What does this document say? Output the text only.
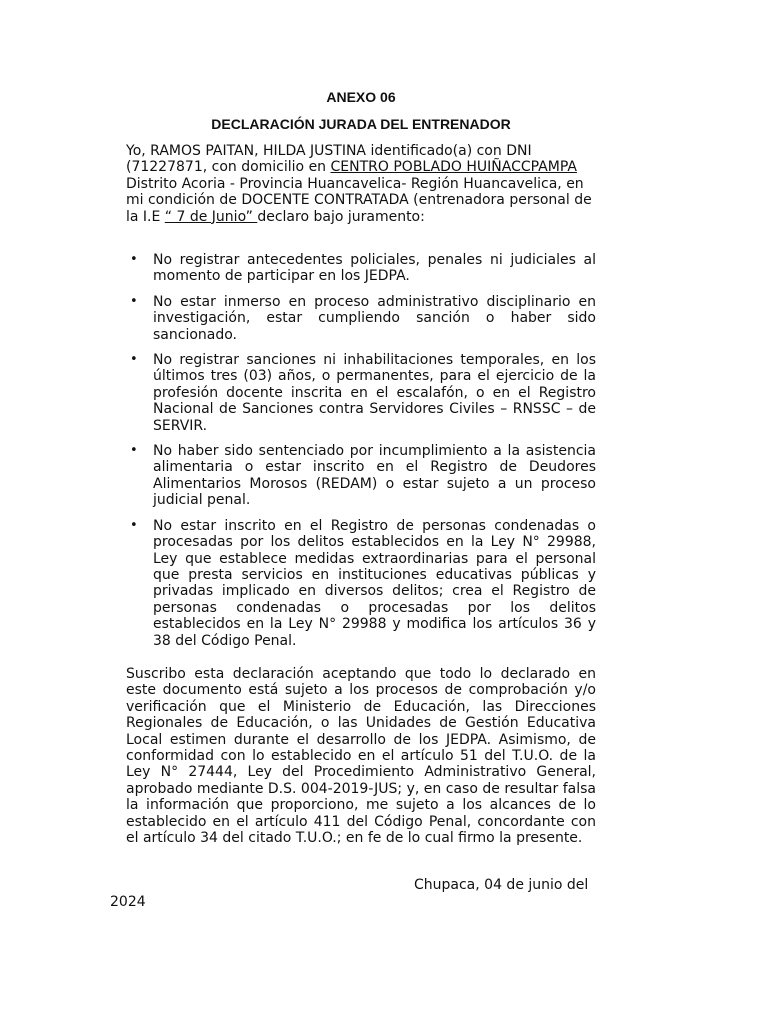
ANEXO 06
DECLARACIÓN JURADA DEL ENTRENADOR

Yo, RAMOS PAITAN, HILDA JUSTINA identificado(a) con DNI (71227871, con domicilio en CENTRO POBLADO HUIÑACCPAMPA Distrito Acoria - Provincia Huancavelica- Región Huancavelica, en mi condición de DOCENTE CONTRATADA (entrenadora personal de la I.E “ 7 de Junio” declaro bajo juramento:

• No registrar antecedentes policiales, penales ni judiciales al momento de participar en los JEDPA.
• No estar inmerso en proceso administrativo disciplinario en investigación, estar cumpliendo sanción o haber sido sancionado.
• No registrar sanciones ni inhabilitaciones temporales, en los últimos tres (03) años, o permanentes, para el ejercicio de la profesión docente inscrita en el escalafón, o en el Registro Nacional de Sanciones contra Servidores Civiles – RNSSC – de SERVIR.
• No haber sido sentenciado por incumplimiento a la asistencia alimentaria o estar inscrito en el Registro de Deudores Alimentarios Morosos (REDAM) o estar sujeto a un proceso judicial penal.
• No estar inscrito en el Registro de personas condenadas o procesadas por los delitos establecidos en la Ley N° 29988, Ley que establece medidas extraordinarias para el personal que presta servicios en instituciones educativas públicas y privadas implicado en diversos delitos; crea el Registro de personas condenadas o procesadas por los delitos establecidos en la Ley N° 29988 y modifica los artículos 36 y 38 del Código Penal.

Suscribo esta declaración aceptando que todo lo declarado en este documento está sujeto a los procesos de comprobación y/o verificación que el Ministerio de Educación, las Direcciones Regionales de Educación, o las Unidades de Gestión Educativa Local estimen durante el desarrollo de los JEDPA. Asimismo, de conformidad con lo establecido en el artículo 51 del T.U.O. de la Ley N° 27444, Ley del Procedimiento Administrativo General, aprobado mediante D.S. 004-2019-JUS; y, en caso de resultar falsa la información que proporciono, me sujeto a los alcances de lo establecido en el artículo 411 del Código Penal, concordante con el artículo 34 del citado T.U.O.; en fe de lo cual firmo la presente.

Chupaca, 04 de junio del
2024
